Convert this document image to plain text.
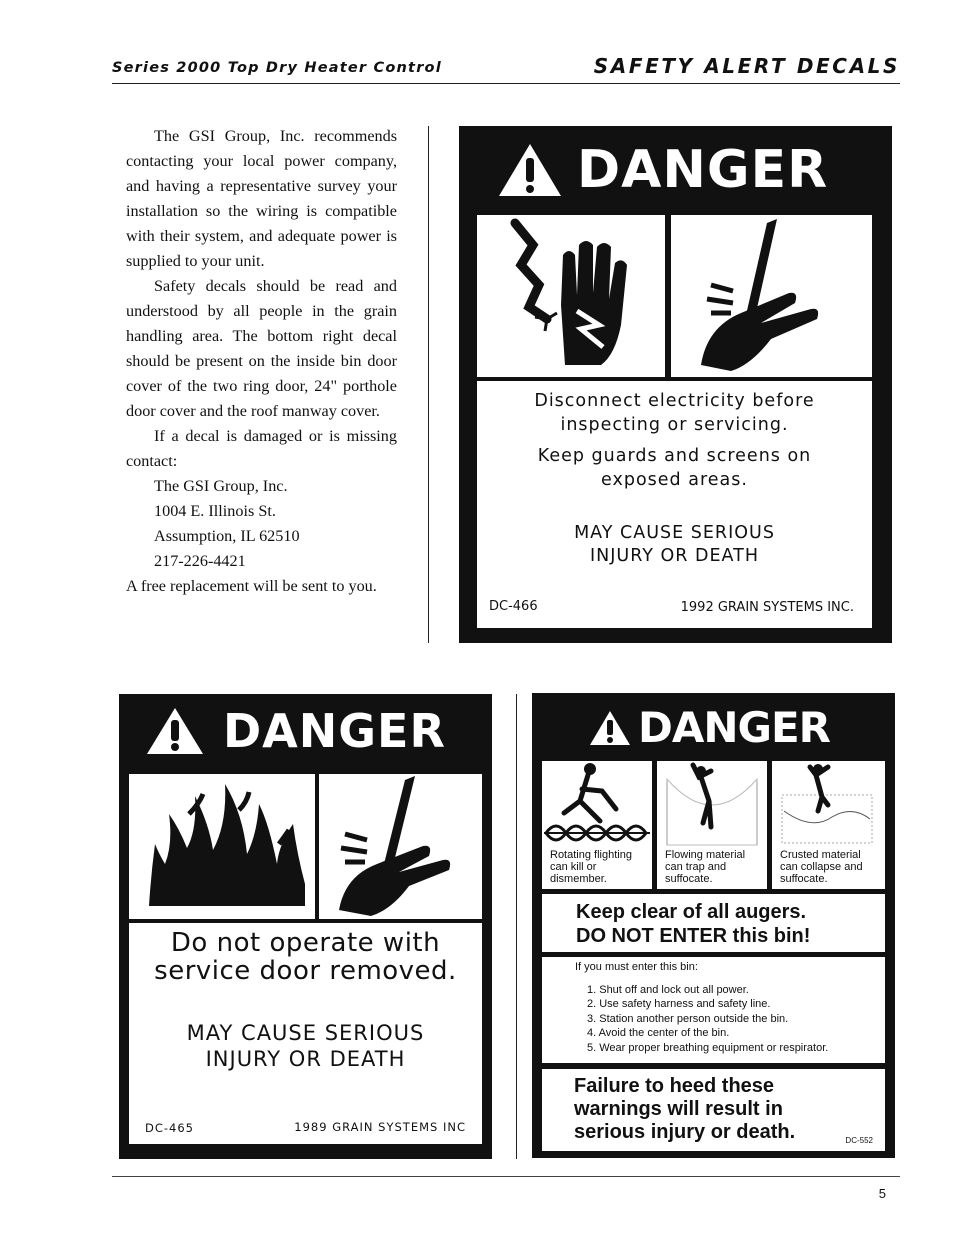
Series 2000 Top Dry Heater Control	SAFETY ALERT DECALS

The GSI Group, Inc. recommends contacting your local power company, and having a representative survey your installation so the wiring is compatible with their system, and adequate power is supplied to your unit.

Safety decals should be read and understood by all people in the grain handling area. The bottom right decal should be present on the inside bin door cover of the two ring door, 24" porthole door cover and the roof manway cover.

If a decal is damaged or is missing contact:

The GSI Group, Inc.

1004 E. Illinois St.

Assumption, IL 62510

217-226-4421

A free replacement will be sent to you.

DANGER
Disconnect electricity before
inspecting or servicing.
Keep guards and screens on
exposed areas.
MAY CAUSE SERIOUS
INJURY OR DEATH
DC-466	1992 GRAIN SYSTEMS INC.
DANGER
Do not operate with
service door removed.
MAY CAUSE SERIOUS
INJURY OR DEATH
DC-465	1989 GRAIN SYSTEMS INC
DANGER
Rotating flighting
can kill or
dismember.
Flowing material
can trap and
suffocate.
Crusted material
can collapse and
suffocate.
Keep clear of all augers.
DO NOT ENTER this bin!
If you must enter this bin:
1. Shut off and lock out all power.
2. Use safety harness and safety line.
3. Station another person outside the bin.
4. Avoid the center of the bin.
5. Wear proper breathing equipment or respirator.
Failure to heed these
warnings will result in
serious injury or death.	DC-552
5
